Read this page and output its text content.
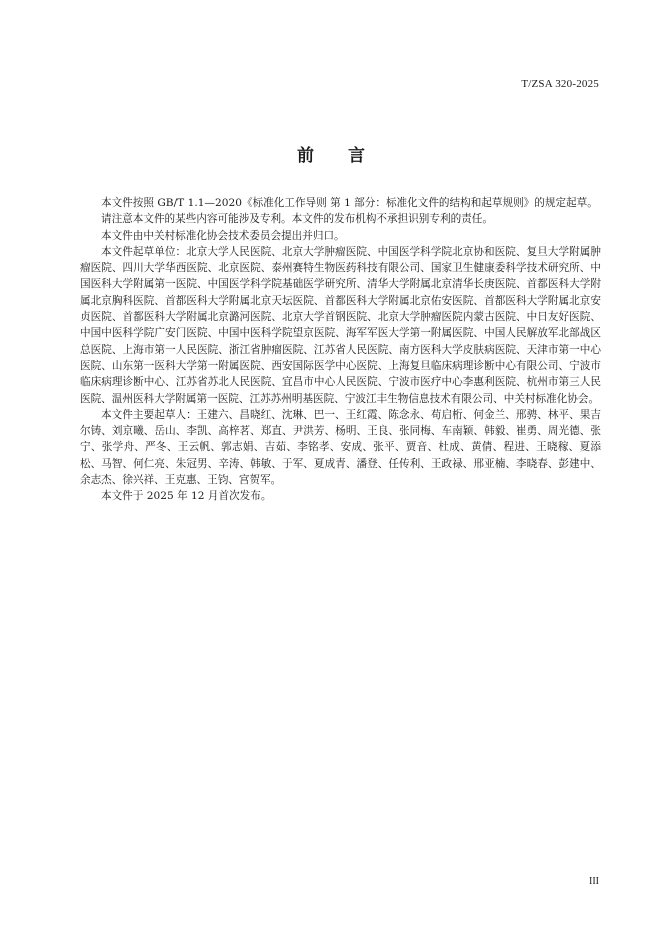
T/ZSA 320-2025
前言

本文件按照 GB/T 1.1—2020《标准化工作导则 第 1 部分：标准化文件的结构和起草规则》的规定起草。

请注意本文件的某些内容可能涉及专利。本文件的发布机构不承担识别专利的责任。

本文件由中关村标准化协会技术委员会提出并归口。

本文件起草单位：北京大学人民医院、北京大学肿瘤医院、中国医学科学院北京协和医院、复旦大学附属肿瘤医院、四川大学华西医院、北京医院、泰州赛特生物医药科技有限公司、国家卫生健康委科学技术研究所、中国医科大学附属第一医院、中国医学科学院基础医学研究所、清华大学附属北京清华长庚医院、首都医科大学附属北京胸科医院、首都医科大学附属北京天坛医院、首都医科大学附属北京佑安医院、首都医科大学附属北京安贞医院、首都医科大学附属北京潞河医院、北京大学首钢医院、北京大学肿瘤医院内蒙古医院、中日友好医院、中国中医科学院广安门医院、中国中医科学院望京医院、海军军医大学第一附属医院、中国人民解放军北部战区总医院、上海市第一人民医院、浙江省肿瘤医院、江苏省人民医院、南方医科大学皮肤病医院、天津市第一中心医院、山东第一医科大学第一附属医院、西安国际医学中心医院、上海复旦临床病理诊断中心有限公司、宁波市临床病理诊断中心、江苏省苏北人民医院、宜昌市中心人民医院、宁波市医疗中心李惠利医院、杭州市第三人民医院、温州医科大学附属第一医院、江苏苏州明基医院、宁波江丰生物信息技术有限公司、中关村标准化协会。

本文件主要起草人：王建六、昌晓红、沈琳、巴一、王红霞、陈念永、苟启桁、何金兰、邢骋、林平、果吉尔铸、刘京曦、岳山、李凯、高梓茗、郑直、尹洪芳、杨明、王良、张同梅、车南颖、韩毅、崔勇、周光德、张宁、张学舟、严冬、王云帆、郭志娟、吉茹、李铭孝、安成、张平、贾音、杜成、黄倩、程进、王晓稼、夏添松、马智、何仁亮、朱冠男、辛涛、韩敏、于军、夏成青、潘登、任传利、王政禄、邢亚楠、李晓春、彭建中、余志杰、徐兴祥、王克惠、王钧、宫贺军。

本文件于 2025 年 12 月首次发布。

III
